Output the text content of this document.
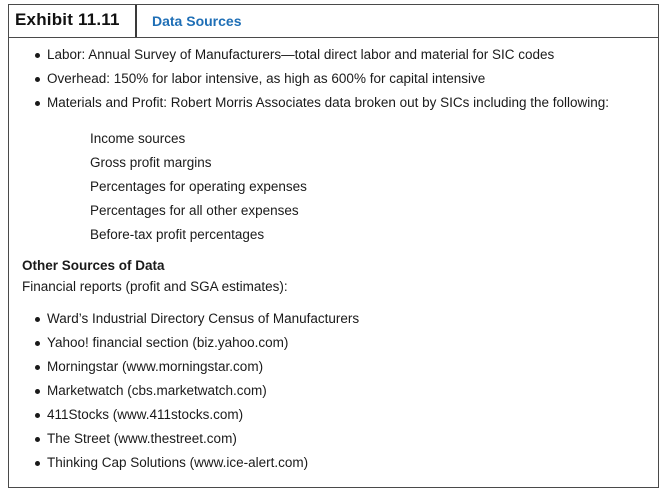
Exhibit 11.11	Data Sources
Labor: Annual Survey of Manufacturers—total direct labor and material for SIC codes
Overhead: 150% for labor intensive, as high as 600% for capital intensive
Materials and Profit: Robert Morris Associates data broken out by SICs including the following:
Income sources
Gross profit margins
Percentages for operating expenses
Percentages for all other expenses
Before-tax profit percentages
Other Sources of Data
Financial reports (profit and SGA estimates):
Ward’s Industrial Directory Census of Manufacturers
Yahoo! financial section (biz.yahoo.com)
Morningstar (www.morningstar.com)
Marketwatch (cbs.marketwatch.com)
411Stocks (www.411stocks.com)
The Street (www.thestreet.com)
Thinking Cap Solutions (www.ice-alert.com)
